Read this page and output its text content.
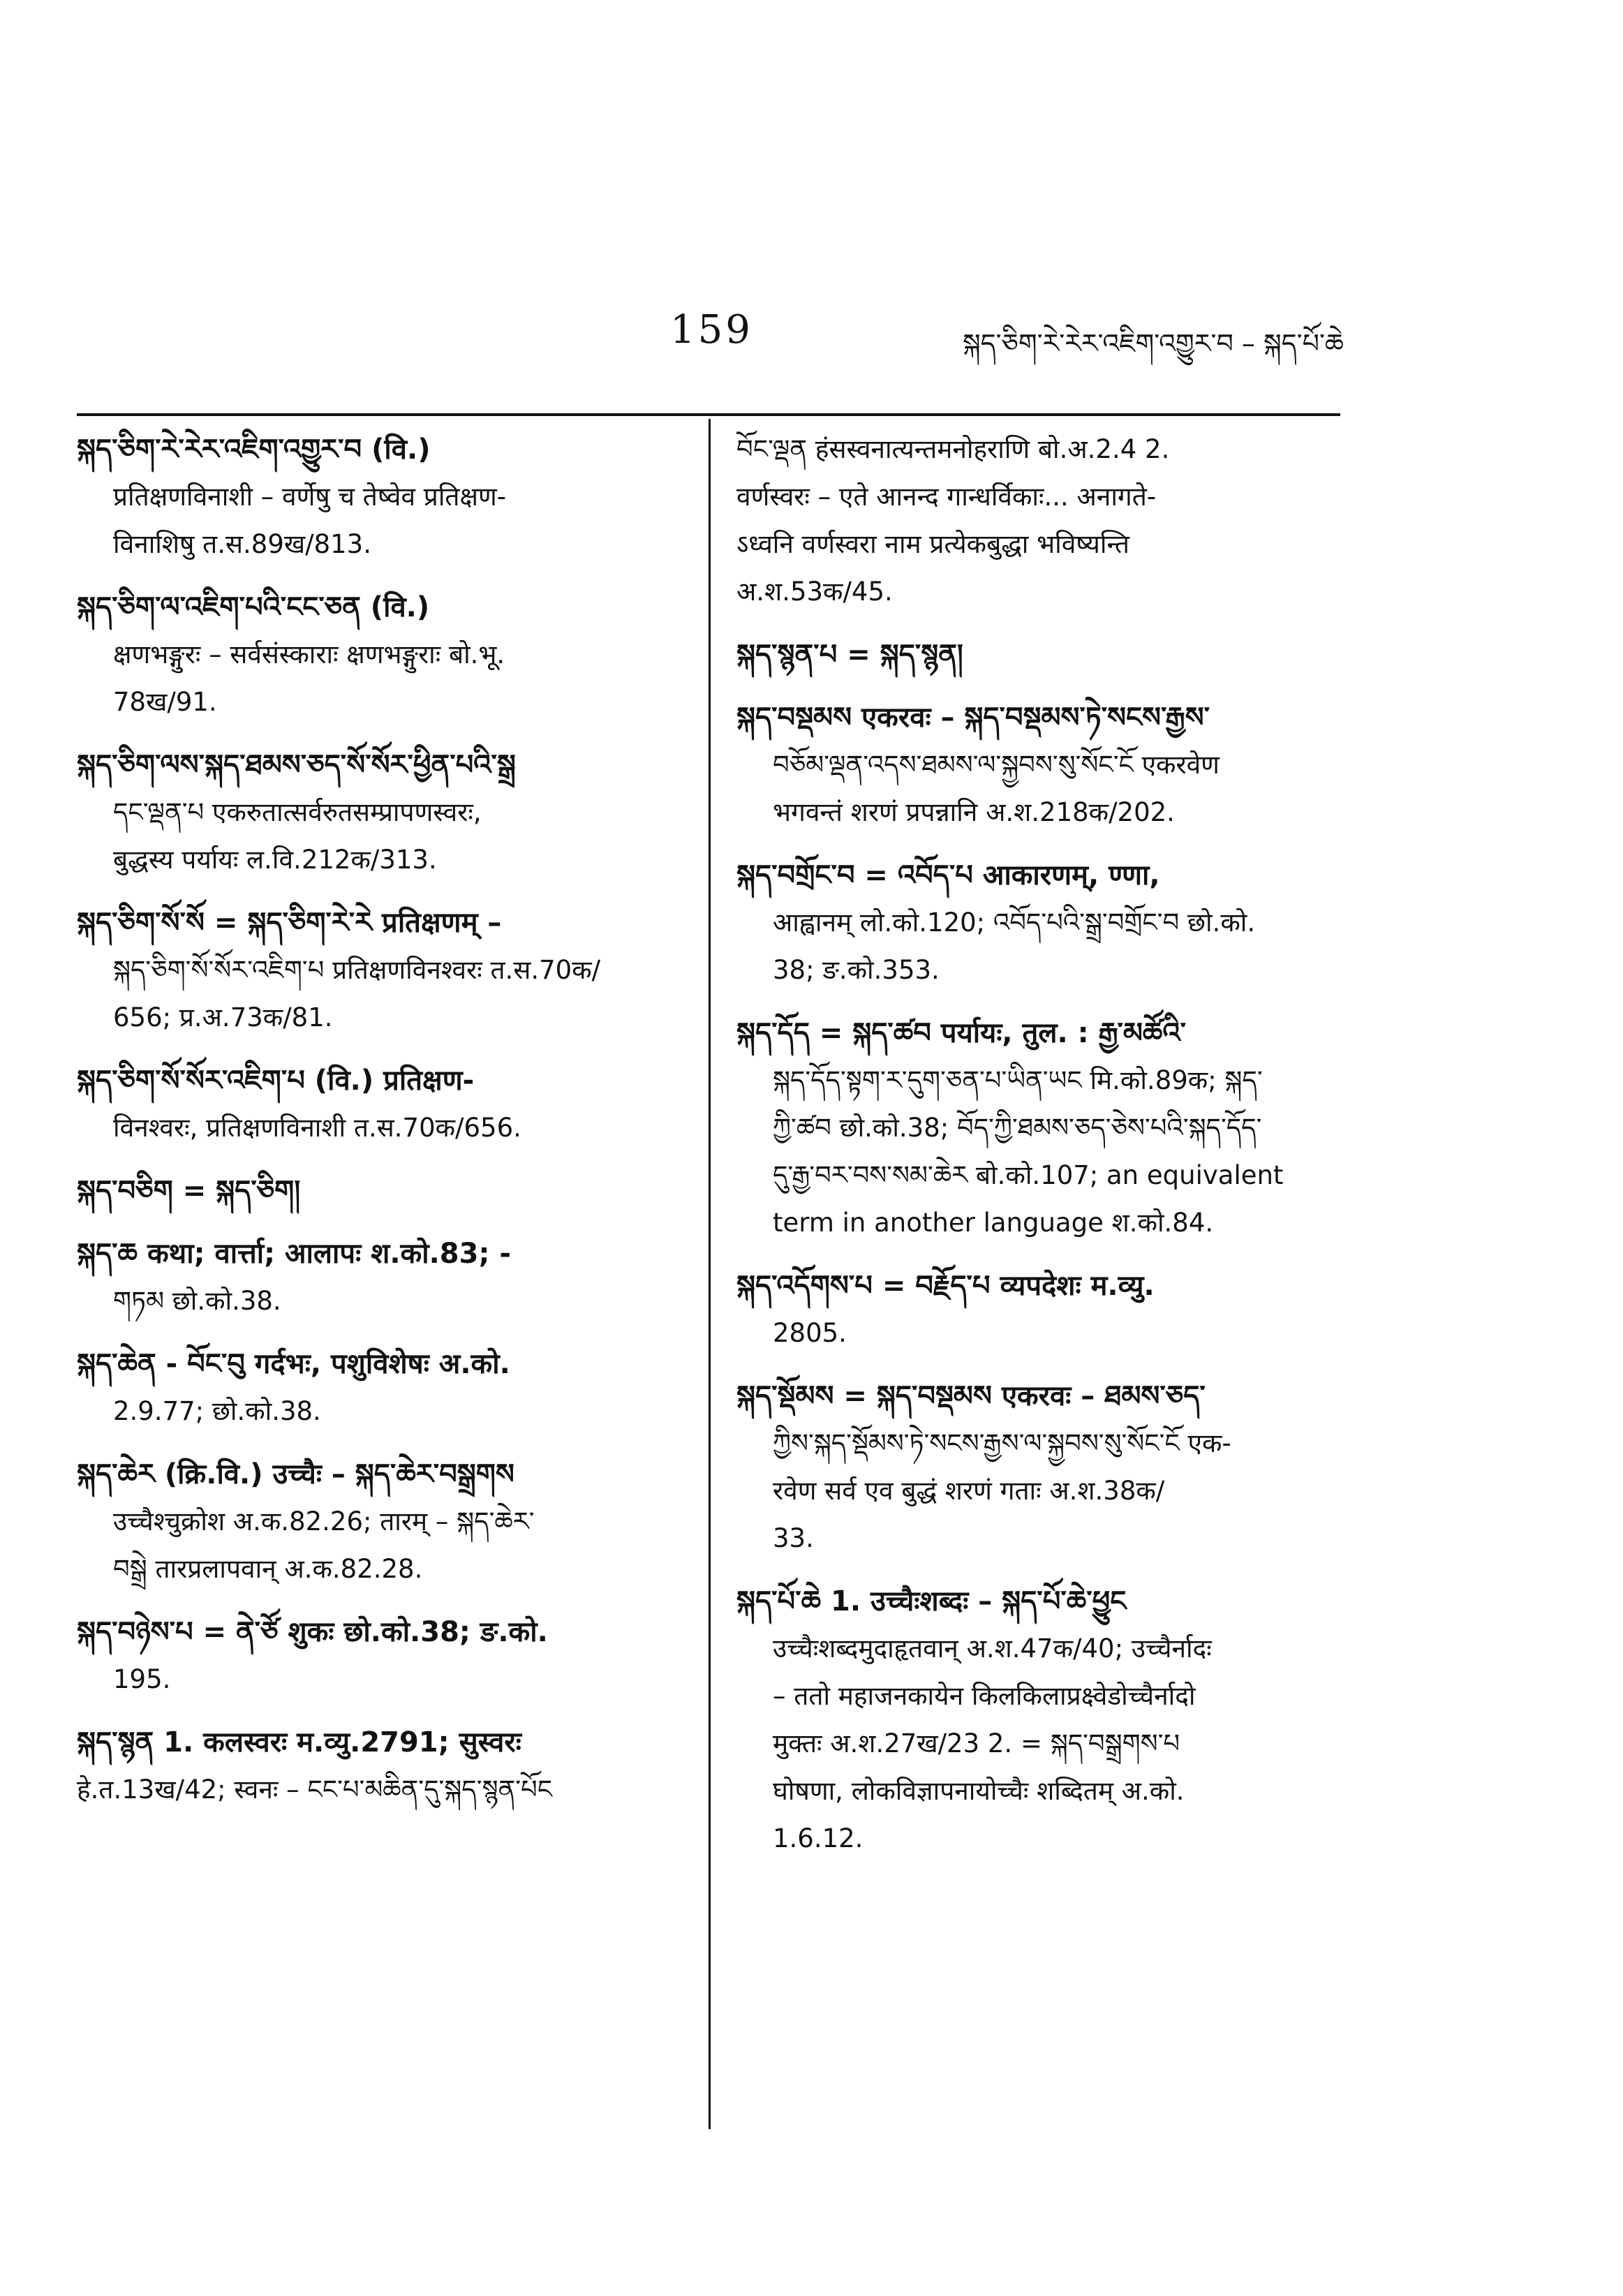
159	སྐད་ཅིག་རེ་རེར་འཇིག་འགྱུར་བ – སྐད་པོ་ཆེ
སྐད་ཅིག་རེ་རེར་འཇིག་འགྱུར་བ (वि.)
प्रतिक्षणविनाशी – वर्णेषु च तेष्वेव प्रतिक्षण-
विनाशिषु त.स.89ख/813.
སྐད་ཅིག་ལ་འཇིག་པའི་ངང་ཅན (वि.)
क्षणभङ्गुरः – सर्वसंस्काराः क्षणभङ्गुराः बो.भू.
78ख/91.
སྐད་ཅིག་ལས་སྐད་ཐམས་ཅད་སོ་སོར་ཕྱིན་པའི་སྒྲ
དང་ལྡན་པ एकरुतात्सर्वरुतसम्प्रापणस्वरः,
बुद्धस्य पर्यायः ल.वि.212क/313.
སྐད་ཅིག་སོ་སོ = སྐད་ཅིག་རེ་རེ प्रतिक्षणम् –
སྐད་ཅིག་སོ་སོར་འཇིག་པ प्रतिक्षणविनश्वरः त.स.70क/
656; प्र.अ.73क/81.
སྐད་ཅིག་སོ་སོར་འཇིག་པ (वि.) प्रतिक्षण-
विनश्वरः, प्रतिक्षणविनाशी त.स.70क/656.
སྐད་བཅིག = སྐད་ཅིག།
སྐད་ཆ कथा; वार्त्ता; आलापः श.को.83; -
གཏམ छो.को.38.
སྐད་ཆེན - བོང་བུ गर्दभः, पशुविशेषः अ.को.
2.9.77; छो.को.38.
སྐད་ཆེར (क्रि.वि.) उच्चैः – སྐད་ཆེར་བསྒྲགས
उच्चैश्चुक्रोश अ.क.82.26; तारम् – སྐད་ཆེར་
བསྒྲེ तारप्रलापवान् अ.क.82.28.
སྐད་བཉེས་པ = ནེ་ཙོ शुकः छो.को.38; ङ.को.
195.
སྐད་སྙན 1. कलस्वरः म.व्यु.2791; सुस्वरः
हे.त.13ख/42; स्वनः – ངང་པ་མཆིན་དུ་སྐད་སྙན་པོང
བོང་ལྡན हंसस्वनात्यन्तमनोहराणि बो.अ.2.4 2.
वर्णस्वरः – एते आनन्द गान्धर्विकाः... अनागते-
ऽध्वनि वर्णस्वरा नाम प्रत्येकबुद्धा भविष्यन्ति
अ.श.53क/45.
སྐད་སྙན་པ = སྐད་སྙན།
སྐད་བསྡམས एकरवः – སྐད་བསྡམས་ཏེ་སངས་རྒྱས་
བཅོམ་ལྡན་འདས་ཐམས་ལ་སྐྱབས་སུ་སོང་ངོ एकरवेण
भगवन्तं शरणं प्रपन्नानि अ.श.218क/202.
སྐད་བགྲོང་བ = འབོད་པ आकारणम्, ण्णा,
आह्वानम् लो.को.120; འབོད་པའི་སྒྲ་བགྲོང་བ छो.को.
38; ङ.को.353.
སྐད་དོད = སྐད་ཚབ पर्यायः, तुल. : རྒྱ་མཚོའི་
སྐད་དོད་སྟག་ར་དུག་ཅན་པ་ཡིན་ཡང मि.को.89क; སྐད་
ཀྱི་ཚབ छो.को.38; བོད་ཀྱི་ཐམས་ཅད་ཅེས་པའི་སྐད་དོད་
དུ་རྒྱ་བར་བས་སམ་ཆེར बो.को.107; an equivalent
term in another language श.को.84.
སྐད་འདོགས་པ = བརྗོད་པ व्यपदेशः म.व्यु.
2805.
སྐད་སྡོམས = སྐད་བསྡམས एकरवः – ཐམས་ཅད་
ཀྱིས་སྐད་སྡོམས་ཏེ་སངས་རྒྱས་ལ་སྐྱབས་སུ་སོང་ངོ एक-
रवेण सर्व एव बुद्धं शरणं गताः अ.श.38क/
33.
སྐད་པོ་ཆེ 1. उच्चैःशब्दः – སྐད་པོ་ཆེ་ཕྱུང
उच्चैःशब्दमुदाहृतवान् अ.श.47क/40; उच्चैर्नादः
– ततो महाजनकायेन किलकिलाप्रक्ष्वेडोच्चैर्नादो
मुक्तः अ.श.27ख/23 2. = སྐད་བསྒྲགས་པ
घोषणा, लोकविज्ञापनायोच्चैः शब्दितम् अ.को.
1.6.12.
